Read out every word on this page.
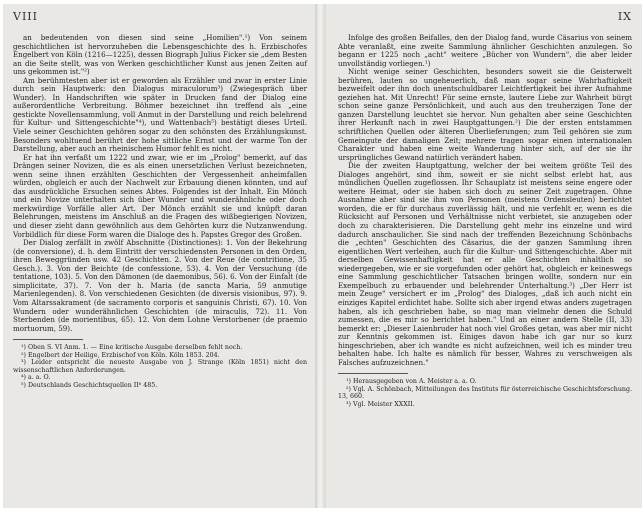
VIII

an bedeutenden von diesen sind seine „Homilien".¹) Von seinem geschichtlichen ist hervorzuheben die Lebensgeschichte des h. Erzbischofes Engelbert von Köln (1216—1225), dessen Biograph Julius Ficker sie „dem Besten an die Seite stellt, was von Werken geschichtlicher Kunst aus jenen Zeiten auf uns gekommen ist."²)

Am berühmtesten aber ist er geworden als Erzähler und zwar in erster Linie durch sein Hauptwerk: den Dialogus miraculorum³) (Zwiegespräch über Wunder). In Handschriften wie später in Drucken fand der Dialog eine außerordentliche Verbreitung. Böhmer bezeichnet ihn treffend als „eine gestickte Novellensammlung, voll Anmut in der Darstellung und reich belehrend für Kultur- und Sittengeschichte"⁴), und Wattenbach⁵) bestätigt dieses Urteil. Viele seiner Geschichten gehören sogar zu den schönsten des Erzählungskunst. Besonders wohltuend berührt der hohe sittliche Ernst und der warme Ton der Darstellung, aber auch an rheinischem Humor fehlt es nicht.

Er hat ihn verfaßt um 1222 und zwar, wie er im „Prolog" bemerkt, auf das Drängen seiner Novizen, die es als einen unersetzlichen Verlust bezeichneten, wenn seine ihnen erzählten Geschichten der Vergessenheit anheimfallen würden, obgleich er auch der Nachwelt zur Erbauung dienen könnten, und auf das ausdrückliche Ersuchen seines Abtes. Folgendes ist der Inhalt. Ein Mönch und ein Novize unterhalten sich über Wunder und wunderähnliche oder doch merkwürdige Vorfälle aller Art. Der Mönch erzählt sie und knüpft daran Belehrungen, meistens im Anschluß an die Fragen des wißbegierigen Novizen, und dieser zieht dann gewöhnlich aus dem Gehörten kurz die Nutzanwendung. Vorbildlich für diese Form waren die Dialoge des h. Papstes Gregor des Großen.

Der Dialog zerfällt in zwölf Abschnitte (Distinctiones): 1. Von der Bekehrung (de conversione), d. h. dem Eintritt der verschiedensten Personen in den Orden, ihren Beweggründen usw. 42 Geschichten. 2. Von der Reue (de contritione, 35 Gesch.). 3. Von der Beichte (de confessione, 53). 4. Von der Versuchung (de tentatione, 103). 5. Von den Dämonen (de daemonibus, 56). 6. Von der Einfalt (de simplicitate, 37). 7. Von der h. Maria (de sancta Maria, 59 anmutige Marienlegenden). 8. Von verschiedenen Gesichten (de diversis visionibus, 97). 9. Vom Altarssakrament (de sacramento corporis et sanguinis Christi, 67). 10. Von Wundern oder wunderähnlichen Geschichten (de miraculis, 72). 11. Von Sterbenden (de morientibus, 65). 12. Von dem Lohne Verstorbener (de praemio mortuorum, 59).

¹) Oben S. VI Anm. 1. — Eine kritische Ausgabe derselben fehlt noch.

²) Engelbert der Heilige, Erzbischof von Köln. Köln 1853. 204.

³) Leider entspricht die neueste Ausgabe von J. Strange (Köln 1851) nicht den wissenschaftlichen Anforderungen.

⁴) a. a. O.

⁵) Deutschlands Geschichtsquellen II⁶ 485.

IX

Infolge des großen Beifalles, den der Dialog fand, wurde Cäsarius von seinem Abte veranlaßt, eine zweite Sammlung ähnlicher Geschichten anzulegen. So begann er 1225 noch „acht" weitere „Bücher von Wundern", die aber leider unvollständig vorliegen.¹)

Nicht wenige seiner Geschichten, besonders soweit sie die Geisterwelt berühren, lauten so ungeheuerlich, daß man sogar seine Wahrhaftigkeit bezweifelt oder ihn doch unentschuldbarer Leichtfertigkeit bei ihrer Aufnahme geziehen hat. Mit Unrecht! Für seine ernste, lautere Liebe zur Wahrheit bürgt schon seine ganze Persönlichkeit, und auch aus den treuherzigen Tone der ganzen Darstellung leuchtet sie hervor. Nun gehalten aber seine Geschichten ihrer Herkunft nach in zwei Hauptgattungen.²) Die der ersten entstammen schriftlichen Quellen oder älteren Überlieferungen; zum Teil gehören sie zum Gemeingute der damaligen Zeit; mehrere tragen sogar einen internationalen Charakter und haben eine weite Wanderung hinter sich, auf der sie ihr ursprüngliches Gewand natürlich verändert haben.

Die der zweiten Hauptgattung, welcher der bei weitem größte Teil des Dialoges angehört, sind ihm, soweit er sie nicht selbst erlebt hat, aus mündlichen Quellen zugeflossen. Ihr Schauplatz ist meistens seine engere oder weitere Heimat, oder sie haben sich doch zu seiner Zeit zugetragen. Ohne Ausnahme aber sind sie ihm von Personen (meistens Ordensleuten) berichtet worden, die er für durchaus zuverlässig hält, und nie verfehlt er, wenn es die Rücksicht auf Personen und Verhältnisse nicht verbietet, sie anzugeben oder doch zu charakterisieren. Die Darstellung geht mehr ins einzelne und wird dadurch anschaulicher. Sie sind nach der treffenden Bezeichnung Schönbachs die „echten" Geschichten des Cäsarius, die der ganzen Sammlung ihren eigentlichen Wert verleihen, auch für die Kultur- und Sittengeschichte. Aber mit derselben Gewissenhaftigkeit hat er alle Geschichten inhaltlich so wiedergegeben, wie er sie vorgefunden oder gehört hat, obgleich er keineswegs eine Sammlung geschichtlicher Tatsachen bringen wollte, sondern nur ein Exempelbuch zu erbauender und belehrender Unterhaltung.³) „Der Herr ist mein Zeuge" versichert er im „Prolog" des Dialoges, „daß ich auch nicht ein einziges Kapitel erdichtet habe. Sollte sich aber irgend etwas anders zugetragen haben, als ich geschrieben habe, so mag man vielmehr denen die Schuld zumessen, die es mir so berichtet haben." Und an einer andern Stelle (II, 33) bemerkt er: „Dieser Laienbruder hat noch viel Großes getan, was aber mir nicht zur Kenntnis gekommen ist. Einiges davon habe ich gar nur so kurz hingeschrieben, aber ich wandte es nicht aufzeichnen, weil ich es minder treu behalten habe. Ich halte es nämlich für besser, Wahres zu verschweigen als Falsches aufzuzeichnen."

¹) Herausgegeben von A. Meister a. a. O.

²) Vgl. A. Schönbach, Mitteilungen des Instituts für österreichische Geschichtsforschung. 13, 660.

³) Vgl. Meister XXXII.
